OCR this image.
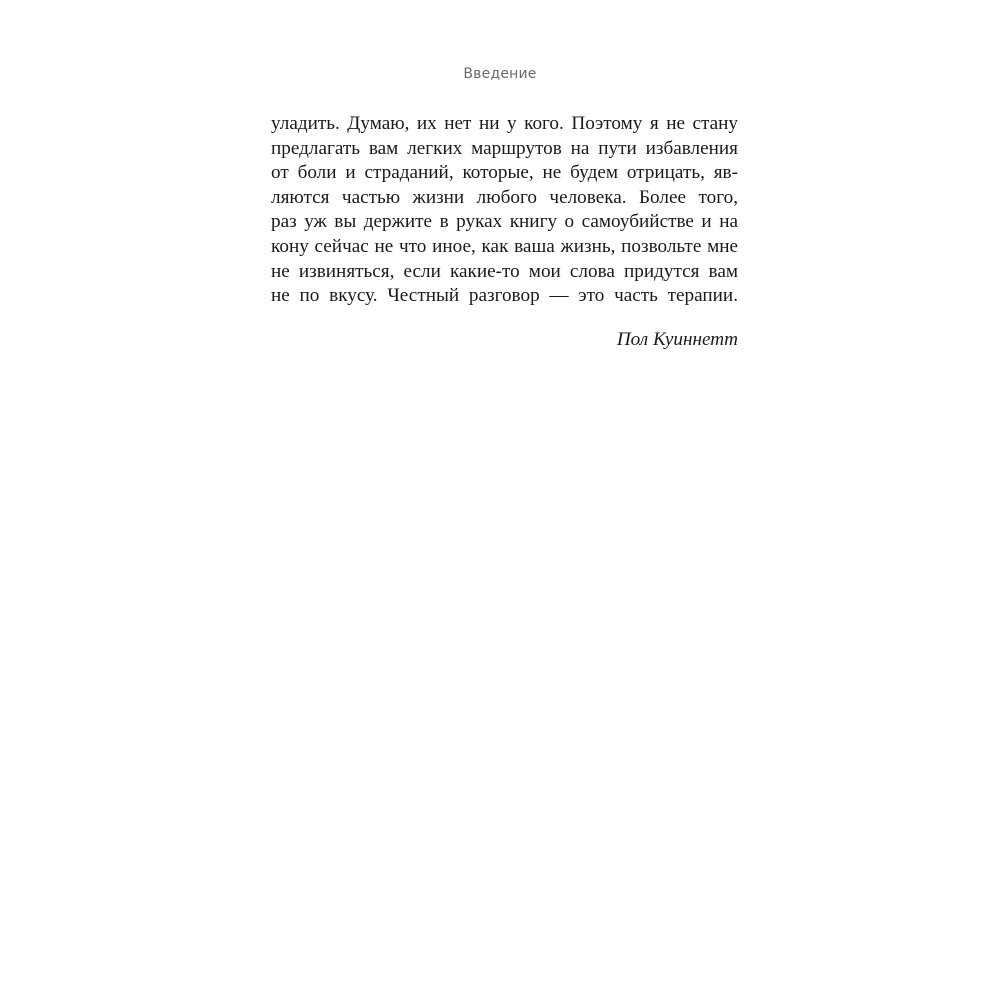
Введение
уладить. Думаю, их нет ни у кого. Поэтому я не стану
предлагать вам легких маршрутов на пути избавления
от боли и страданий, которые, не будем отрицать, яв-
ляются частью жизни любого человека. Более того,
раз уж вы держите в руках книгу о самоубийстве и на
кону сейчас не что иное, как ваша жизнь, позвольте мне
не извиняться, если какие-то мои слова придутся вам
не по вкусу. Честный разговор — это часть терапии.
Пол Куиннетт
